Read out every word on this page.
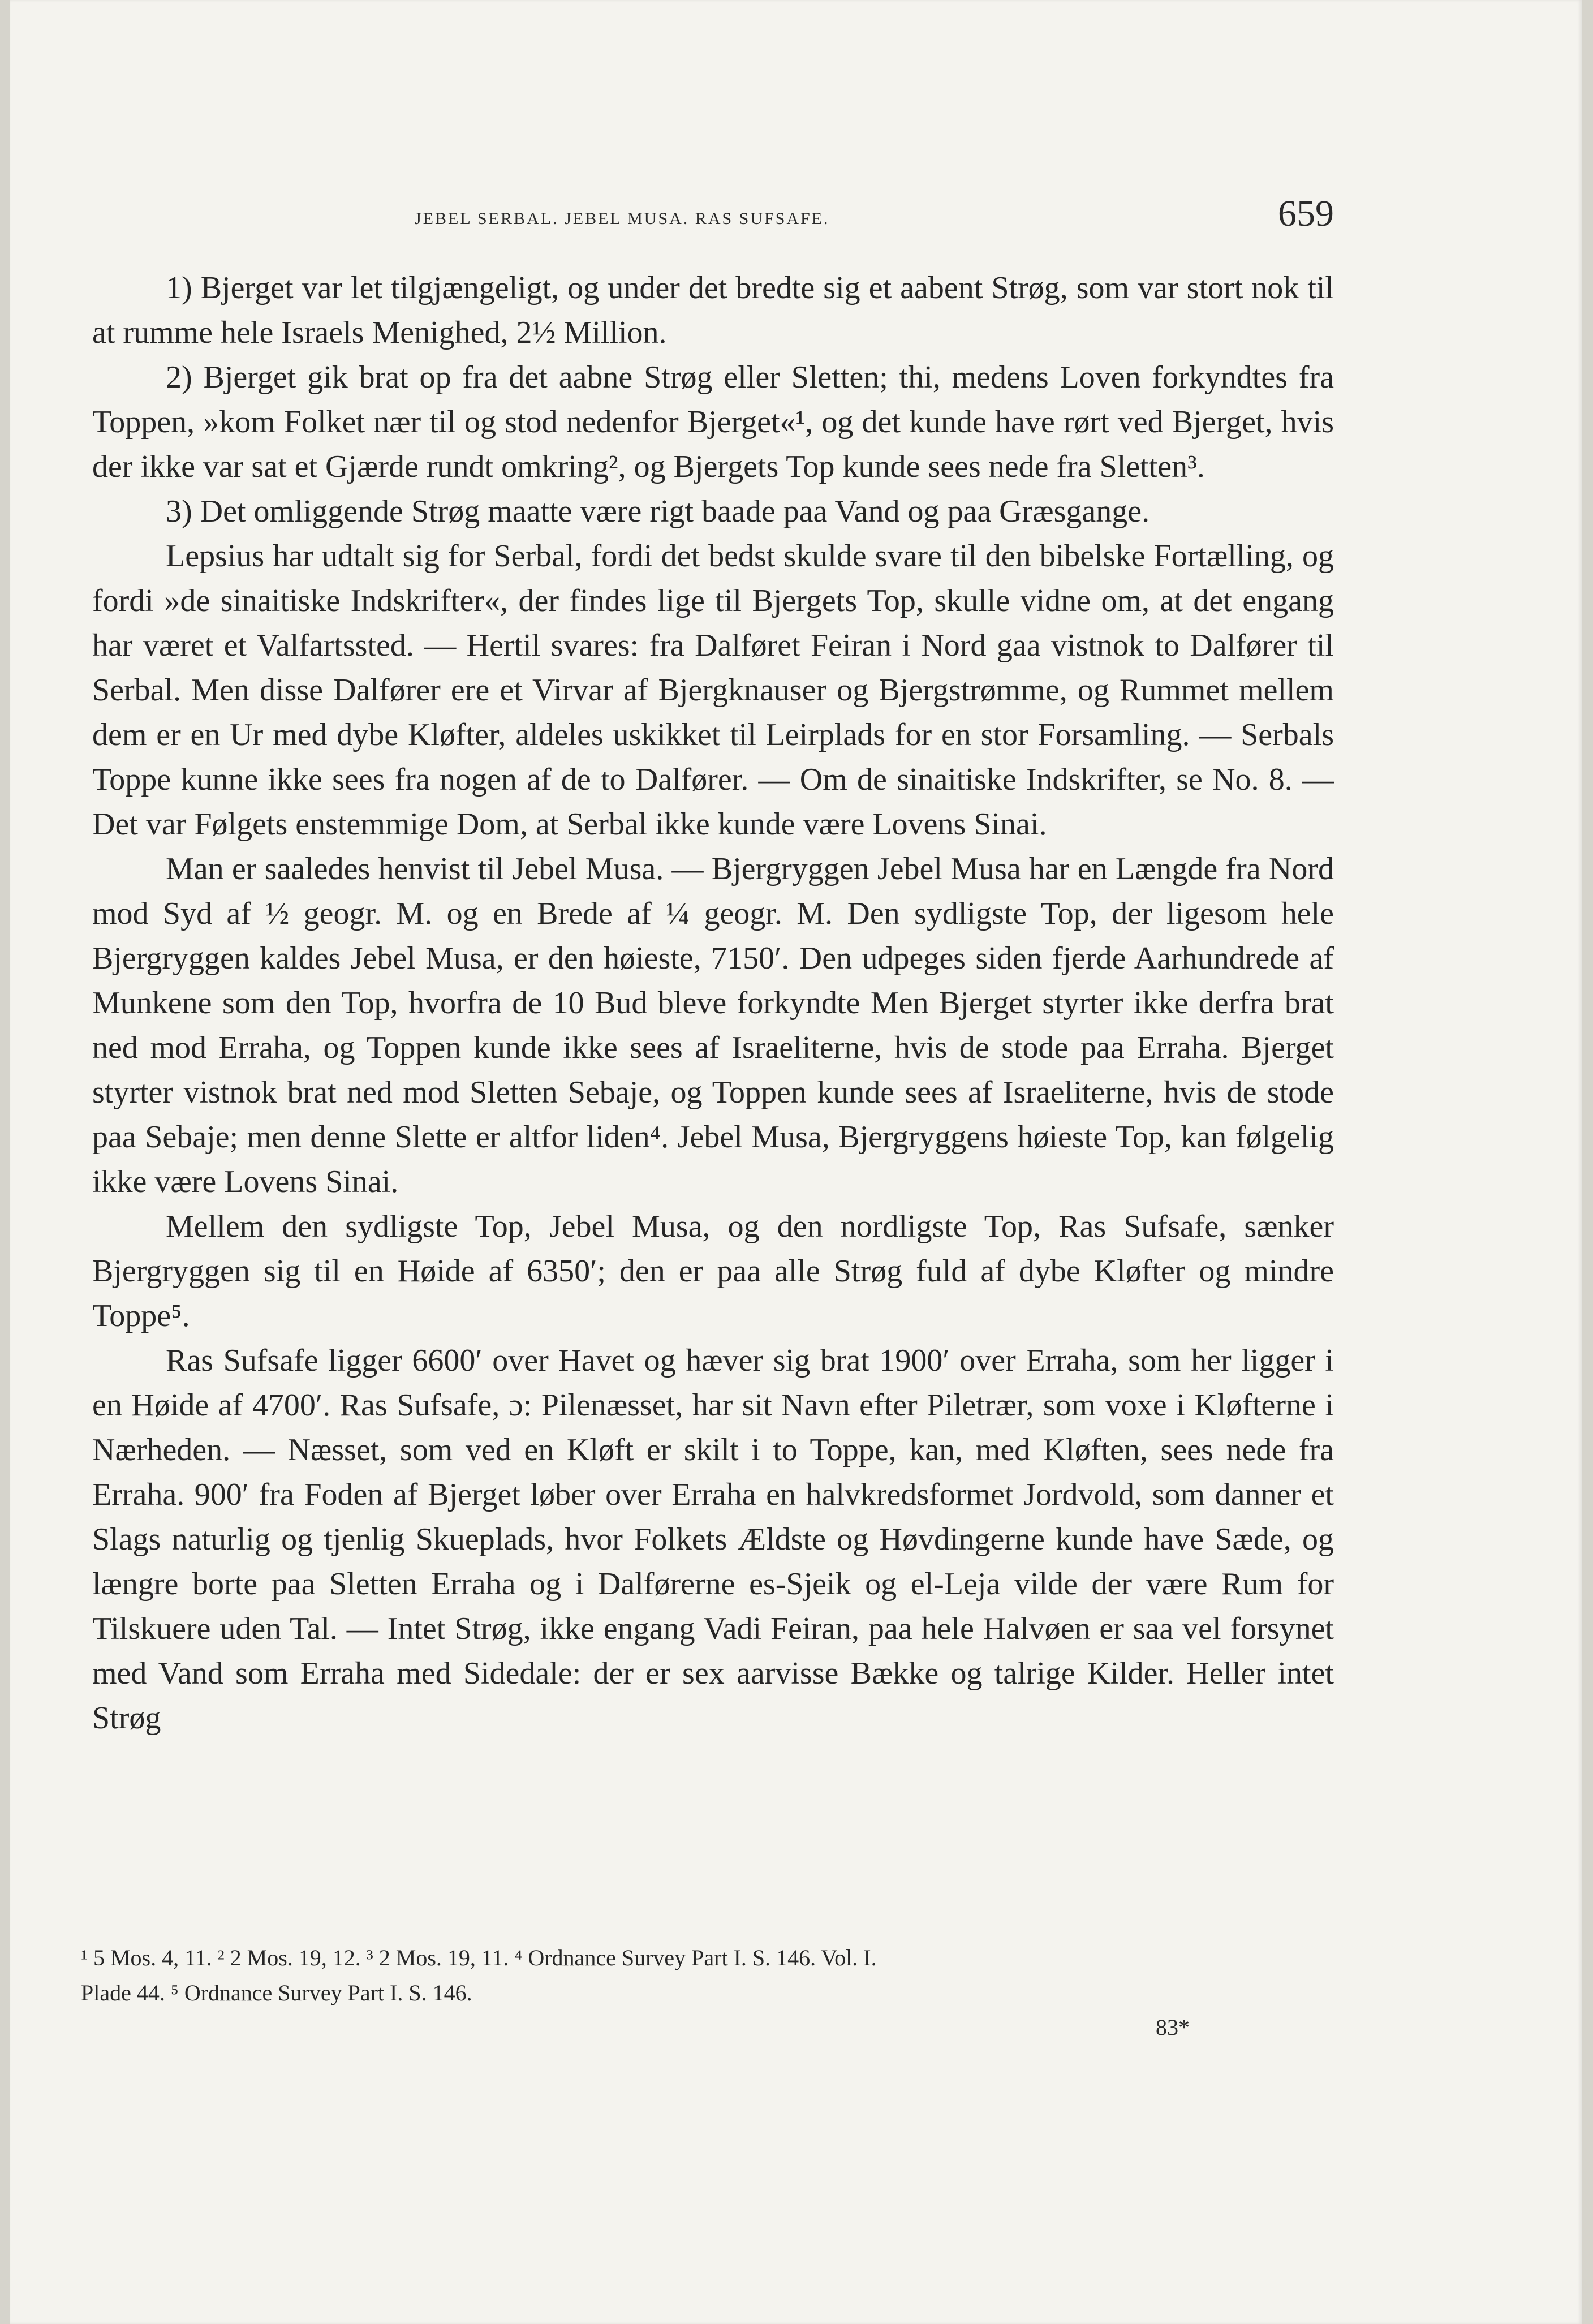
JEBEL SERBAL. JEBEL MUSA. RAS SUFSAFE.	659

1) Bjerget var let tilgjængeligt, og under det bredte sig et aabent Strøg, som var stort nok til at rumme hele Israels Menighed, 2½ Million.

2) Bjerget gik brat op fra det aabne Strøg eller Sletten; thi, medens Loven forkyndtes fra Toppen, »kom Folket nær til og stod nedenfor Bjerget«¹, og det kunde have rørt ved Bjerget, hvis der ikke var sat et Gjærde rundt omkring², og Bjergets Top kunde sees nede fra Sletten³.

3) Det omliggende Strøg maatte være rigt baade paa Vand og paa Græsgange.

Lepsius har udtalt sig for Serbal, fordi det bedst skulde svare til den bibelske Fortælling, og fordi »de sinaitiske Indskrifter«, der findes lige til Bjergets Top, skulle vidne om, at det engang har været et Valfartssted. — Hertil svares: fra Dalføret Feiran i Nord gaa vistnok to Dalfører til Serbal. Men disse Dalfører ere et Virvar af Bjergknauser og Bjergstrømme, og Rummet mellem dem er en Ur med dybe Kløfter, aldeles uskikket til Leirplads for en stor Forsamling. — Serbals Toppe kunne ikke sees fra nogen af de to Dalfører. — Om de sinaitiske Indskrifter, se No. 8. — Det var Følgets enstemmige Dom, at Serbal ikke kunde være Lovens Sinai.

Man er saaledes henvist til Jebel Musa. — Bjergryggen Jebel Musa har en Længde fra Nord mod Syd af ½ geogr. M. og en Brede af ¼ geogr. M. Den sydligste Top, der ligesom hele Bjergryggen kaldes Jebel Musa, er den høieste, 7150′. Den udpeges siden fjerde Aarhundrede af Munkene som den Top, hvorfra de 10 Bud bleve forkyndte Men Bjerget styrter ikke derfra brat ned mod Erraha, og Toppen kunde ikke sees af Israeliterne, hvis de stode paa Erraha. Bjerget styrter vistnok brat ned mod Sletten Sebaje, og Toppen kunde sees af Israeliterne, hvis de stode paa Sebaje; men denne Slette er altfor liden⁴. Jebel Musa, Bjergryggens høieste Top, kan følgelig ikke være Lovens Sinai.

Mellem den sydligste Top, Jebel Musa, og den nordligste Top, Ras Sufsafe, sænker Bjergryggen sig til en Høide af 6350′; den er paa alle Strøg fuld af dybe Kløfter og mindre Toppe⁵.

Ras Sufsafe ligger 6600′ over Havet og hæver sig brat 1900′ over Erraha, som her ligger i en Høide af 4700′. Ras Sufsafe, ɔ: Pilenæsset, har sit Navn efter Piletrær, som voxe i Kløfterne i Nærheden. — Næsset, som ved en Kløft er skilt i to Toppe, kan, med Kløften, sees nede fra Erraha. 900′ fra Foden af Bjerget løber over Erraha en halvkredsformet Jordvold, som danner et Slags naturlig og tjenlig Skueplads, hvor Folkets Ældste og Høvdingerne kunde have Sæde, og længre borte paa Sletten Erraha og i Dalførerne es-Sjeik og el-Leja vilde der være Rum for Tilskuere uden Tal. — Intet Strøg, ikke engang Vadi Feiran, paa hele Halvøen er saa vel forsynet med Vand som Erraha med Sidedale: der er sex aarvisse Bække og talrige Kilder. Heller intet Strøg

¹ 5 Mos. 4, 11. ² 2 Mos. 19, 12. ³ 2 Mos. 19, 11. ⁴ Ordnance Survey Part I. S. 146. Vol. I.

Plade 44. ⁵ Ordnance Survey Part I. S. 146.

83*
